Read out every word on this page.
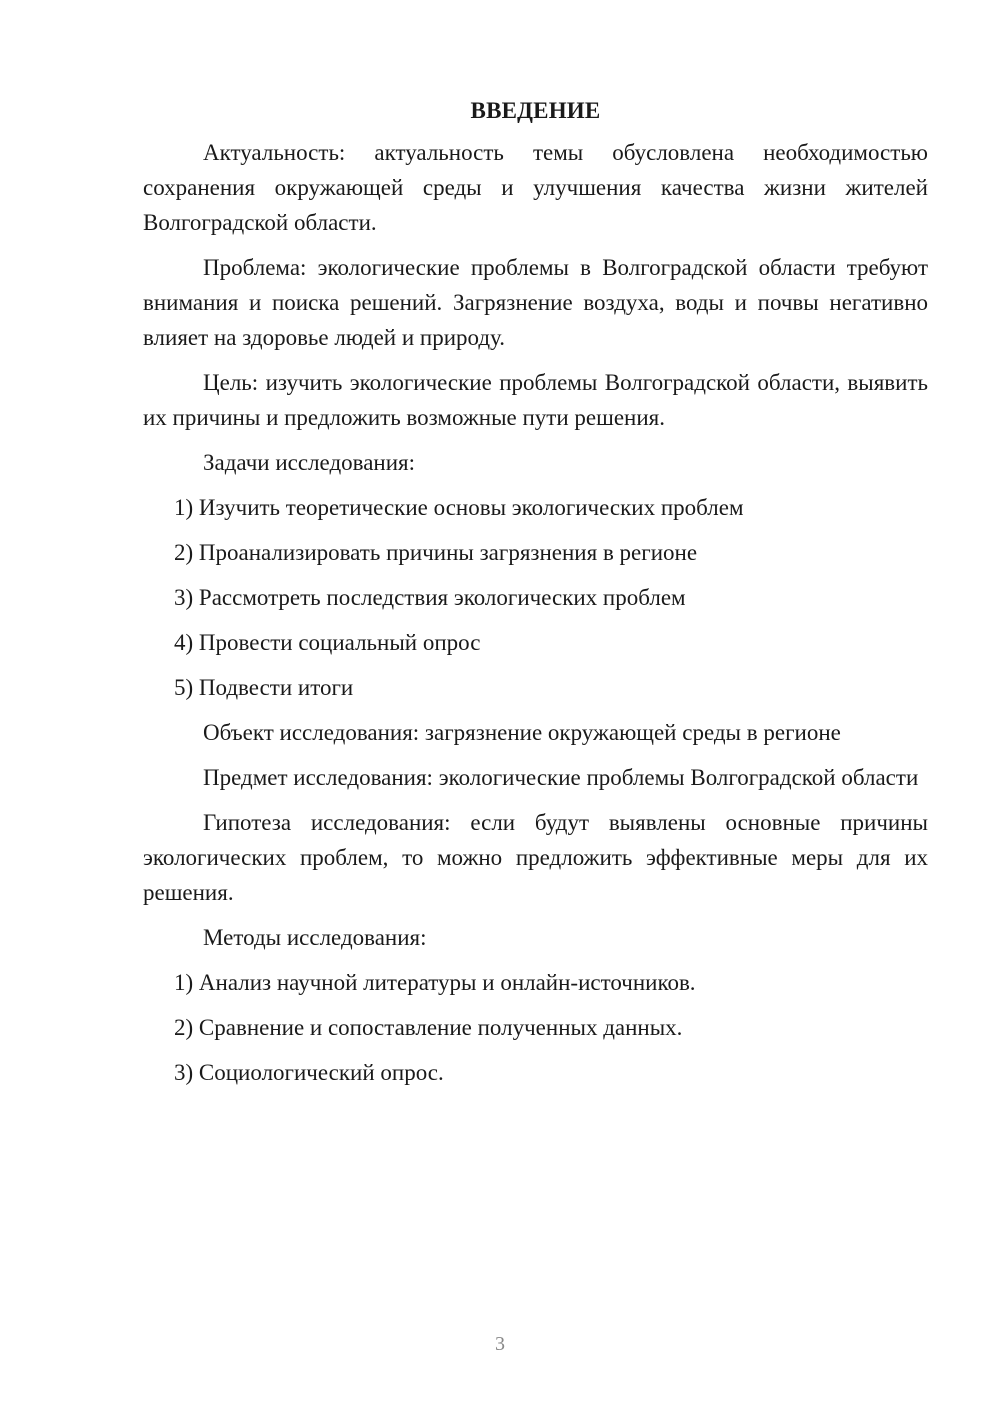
ВВЕДЕНИЕ

Актуальность: актуальность темы обусловлена необходимостью сохранения окружающей среды и улучшения качества жизни жителей Волгоградской области.

Проблема: экологические проблемы в Волгоградской области требуют внимания и поиска решений. Загрязнение воздуха, воды и почвы негативно влияет на здоровье людей и природу.

Цель: изучить экологические проблемы Волгоградской области, выявить их причины и предложить возможные пути решения.

Задачи исследования:

1) Изучить теоретические основы экологических проблем
2) Проанализировать причины загрязнения в регионе
3) Рассмотреть последствия экологических проблем
4) Провести социальный опрос
5) Подвести итоги

Объект исследования: загрязнение окружающей среды в регионе

Предмет исследования: экологические проблемы Волгоградской области

Гипотеза исследования: если будут выявлены основные причины экологических проблем, то можно предложить эффективные меры для их решения.

Методы исследования:

1) Анализ научной литературы и онлайн-источников.
2) Сравнение и сопоставление полученных данных.
3) Социологический опрос.
3
